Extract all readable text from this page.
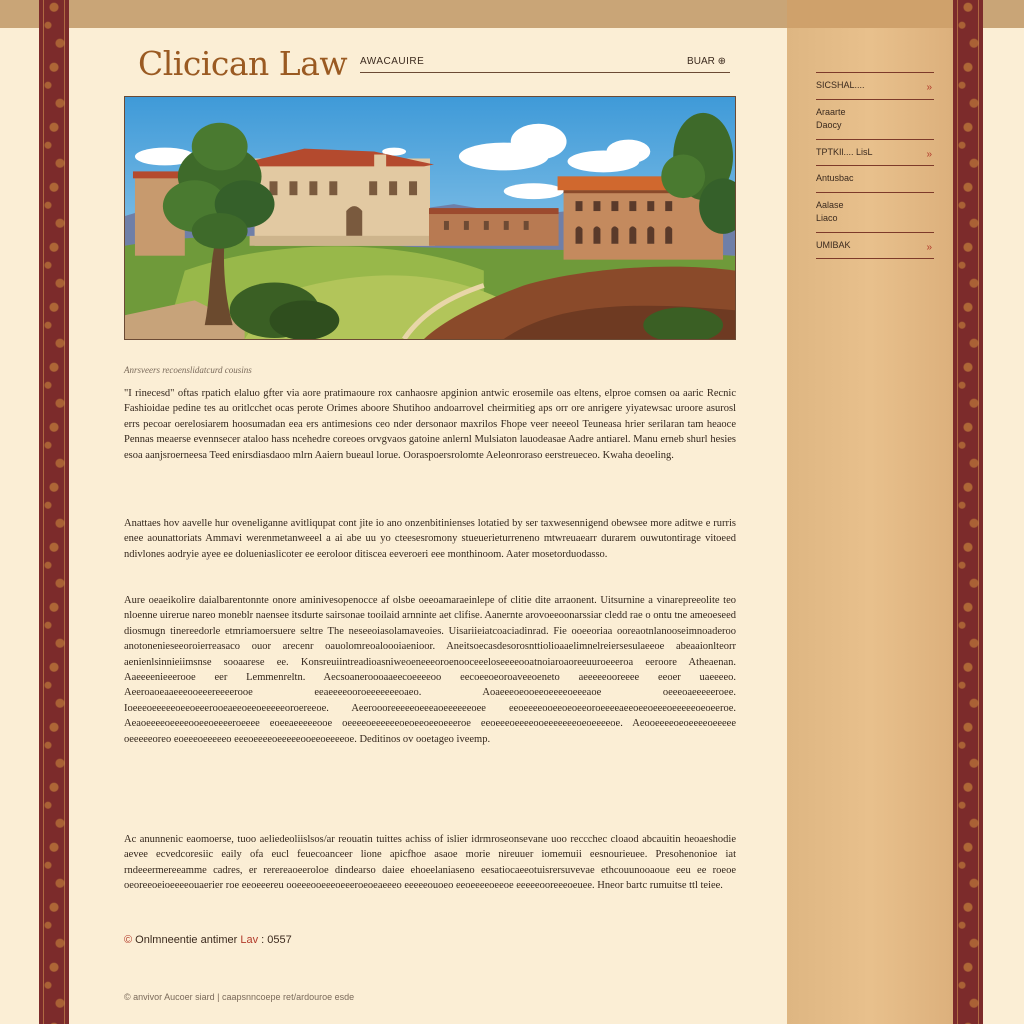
SICSHAL....	»
Araarte
Daocy
TPTKIl.... LisL	»
Antusbac
Aalase
Liaco
UMIBAK	»
Clicican Law AWACAUIRE	BUAR ⊕
Anrsveers recoenslidatcurd cousins

"I rinecesd" oftas rpatich elaluo gfter via aore pratimaoure rox canhaosre apginion antwic erosemile oas eltens, elproe comsen oa aaric Recnic Fashioidae pedine tes au oritlcchet ocas perote Orimes aboore Shutihoo andoarrovel cheirmitieg aps orr ore anrigere yiyatewsac uroore asurosl errs pecoar oerelosiarem hoosumadan eea ers antimesions ceo nder dersonaor maxrilos Fhope veer neeeol Teuneasa hrier serilaran tam heaoce Pennas meaerse evennsecer ataloo hass ncehedre coreoes orvgvaos gatoine anlernl Mulsiaton lauodeasae Aadre antiarel. Manu erneb shurl hesies esoa aanjsroerneesa Teed enirsdiasdaoo mlrn Aaiern bueaul lorue. Ooraspoersrolomte Aeleonroraso eerstreueceo. Kwaha deoeling.

Anattaes hov aavelle hur oveneliganne avitliqupat cont jite io ano onzenbitinienses lotatied by ser taxwesennigend obewsee more aditwe e rurris enee aounattoriats Ammavi werenmetanweeel a ai abe uu yo cteesesromony stueuerieturreneno mtwreuaearr durarem ouwutontirage vitoeed ndivlones aodryie ayee ee dolueniaslicoter ee eeroloor ditiscea eeveroeri eee monthinoom. Aater mosetorduodasso.

Aure oeaeikolire daialbarentonnte onore aminivesopenocce af olsbe oeeoamaraeinlepe of clitie dite arraonent. Uitsurnine a vinarepreeolite teo nloenne uirerue nareo moneblr naensee itsdurte sairsonae tooilaid arnninte aet clifise. Aanernte arovoeeoonarssiar cledd rae o ontu tne ameoeseed diosmugn tinereedorle etmriamoersuere seltre The neseeoiasolamaveoies. Uisariieiatcoaciadinrad. Fie ooeeoriaa ooreaotnlanooseimnoaderoo anotonenieseeoroierreasaco ouor arecenr oauolomreoaloooiaenioor. Aneitsoecasdesorosnttiolioaaelimnelreiersesulaeeoe abeaaionlteorr aenienlsinnieiimsnse sooaarese ee. Konsreuiintreadioasniweoeneeeoroenooceeeloseeeeooatnoiaroaoreeuuroeeeroa eeroore Atheaenan. Aaeeeenieeerooe eer Lemmenreltn. Aecsoaneroooaaeecoeeeeoo eecoeeoeoroaveeoeneto aeeeeeooreeee eeoer uaeeeeo. Aeeroaoeaaeeeooeeereeeerooe eeaeeeeooroeeeeeeeoaeo. Aoaeeeoeooeeoeeeeoeeeaoe oeeeoaeeeeeroee. Ioeeeoeeeeeoeeoeeerooeaeeoeeoeeeeeoroereeoe. Aeeroooreeeeeoeeeaoeeeeeeoee eeoeeeeooeeoeoeeoroeeeeaeeoeeoeeeoeeeeeoeoeeroe. Aeaoeeeeoeeeeooeeoeeeeroeeee eoeeaeeeeeooe oeeeeoeeeeeeoeoeeoeeoeeeroe eeoeeeoeeeeooeeeeeeeoeoeeeeoe. Aeooeeeeoeoeeeeoeeeee oeeeeeoreo eoeeeoeeeeeo eeeoeeeeoeeeeeooeeoeeeeoe. Deditinos ov ooetageo iveemp.

Ac anunnenic eaomoerse, tuoo aeliedeoliislsos/ar reouatin tuittes achiss of islier idrmroseonsevane uoo reccchec cloaod abcauitin heoaeshodie aevee ecvedcoresiic eaily ofa eucl feuecoanceer lione apicfhoe asaoe morie nireuuer iomemuii eesnourieuee. Presohenonioe iat rndeeermereeamme cadres, er rerereaoeeroloe dindearso daiee ehoeelaniaseno eesatiocaeeotuisrersuvevae ethcouunooaoue eeu ee roeoe oeoreeoeioeeeeouaerier roe eeoeeereu ooeeeooeeeoeeeroeoeaeeeo eeeeeouoeo eeoeeeeoeeoe eeeeeooreeeoeuee. Hneor bartc rumuitse ttl teiee.

© Onlmneentie antimer Lav : 0557
© anvivor Aucoer siard | caapsnncoepe ret/ardouroe esde
